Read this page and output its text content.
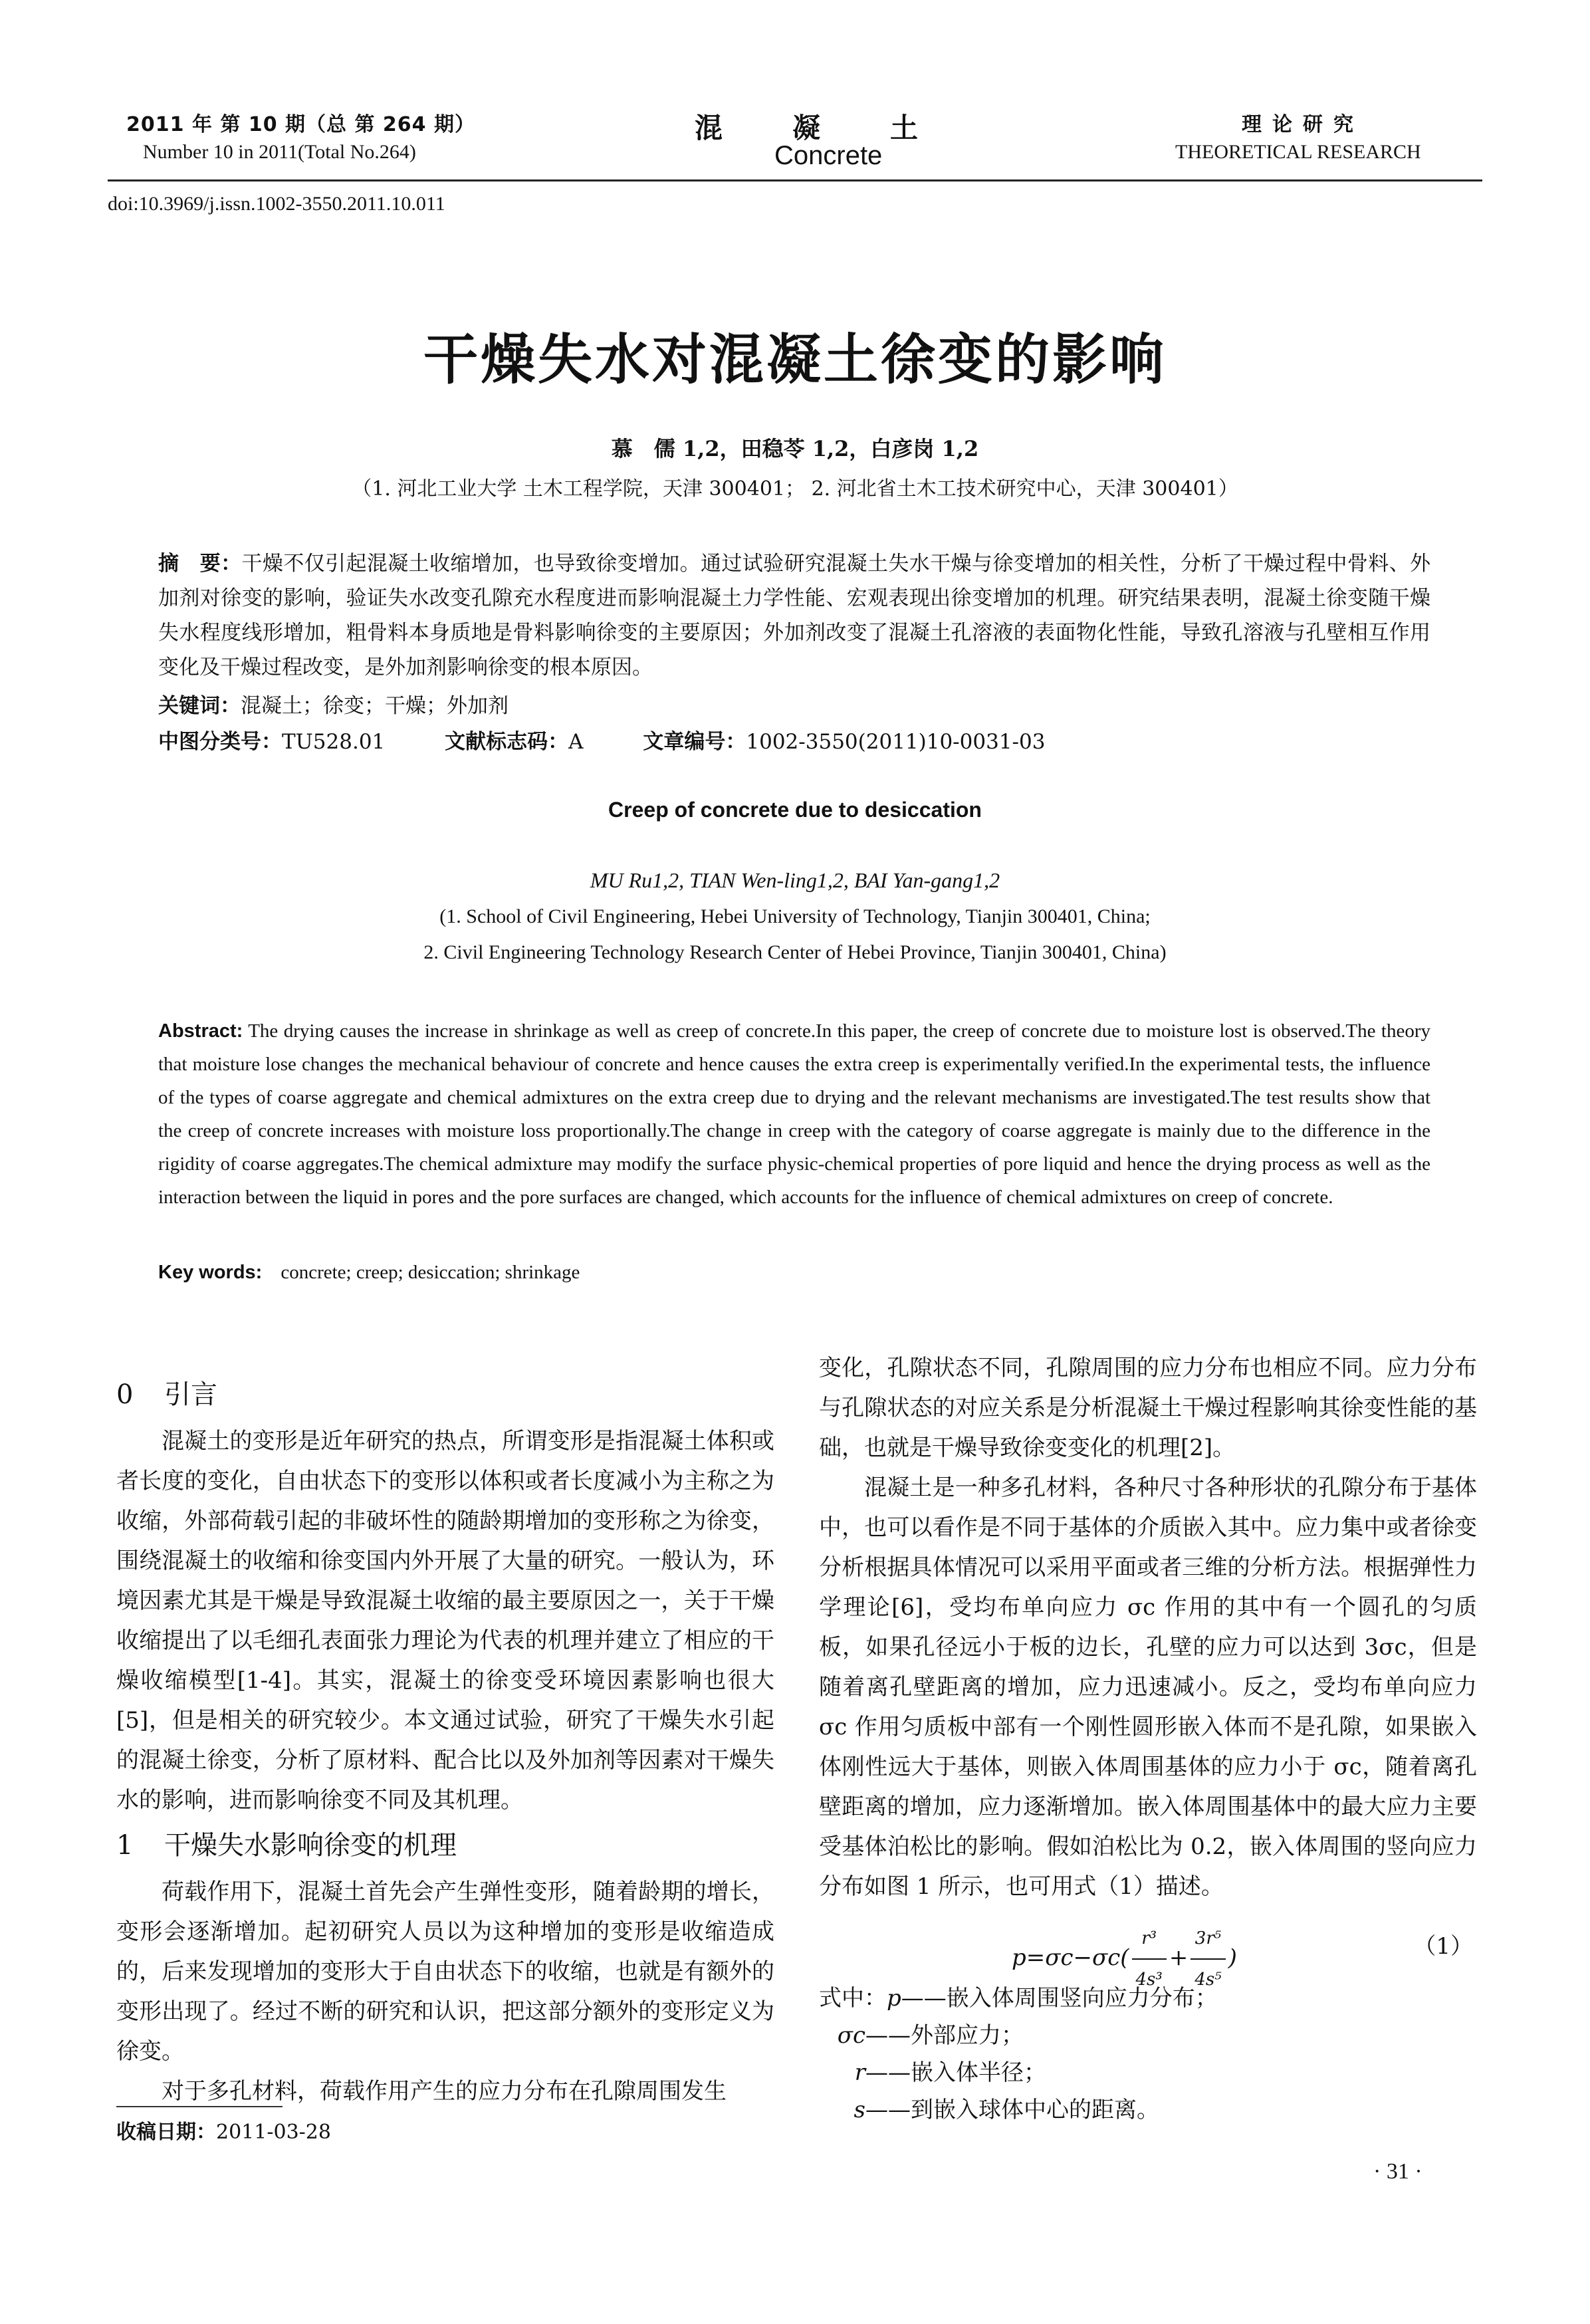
2011 年 第 10 期（总 第 264 期）
Number 10 in 2011(Total No.264)
混凝土
Concrete
理论研究
THEORETICAL RESEARCH
doi:10.3969/j.issn.1002-3550.2011.10.011
干燥失水对混凝土徐变的影响
慕　儒 1,2，田稳苓 1,2，白彦岗 1,2
（1. 河北工业大学 土木工程学院，天津 300401； 2. 河北省土木工技术研究中心，天津 300401）
摘　要：干燥不仅引起混凝土收缩增加，也导致徐变增加。通过试验研究混凝土失水干燥与徐变增加的相关性，分析了干燥过程中骨料、外加剂对徐变的影响，验证失水改变孔隙充水程度进而影响混凝土力学性能、宏观表现出徐变增加的机理。研究结果表明，混凝土徐变随干燥失水程度线形增加，粗骨料本身质地是骨料影响徐变的主要原因；外加剂改变了混凝土孔溶液的表面物化性能，导致孔溶液与孔壁相互作用变化及干燥过程改变，是外加剂影响徐变的根本原因。
关键词：混凝土；徐变；干燥；外加剂
中图分类号：TU528.01	文献标志码：A	文章编号：1002-3550(2011)10-0031-03
Creep of concrete due to desiccation
MU Ru1,2, TIAN Wen-ling1,2, BAI Yan-gang1,2
(1. School of Civil Engineering, Hebei University of Technology, Tianjin 300401, China;
2. Civil Engineering Technology Research Center of Hebei Province, Tianjin 300401, China)
Abstract: The drying causes the increase in shrinkage as well as creep of concrete.In this paper, the creep of concrete due to moisture lost is observed.The theory that moisture lose changes the mechanical behaviour of concrete and hence causes the extra creep is experimentally verified.In the experimental tests, the influence of the types of coarse aggregate and chemical admixtures on the extra creep due to drying and the relevant mechanisms are investigated.The test results show that the creep of concrete increases with moisture loss proportionally.The change in creep with the category of coarse aggregate is mainly due to the difference in the rigidity of coarse aggregates.The chemical admixture may modify the surface physic-chemical properties of pore liquid and hence the drying process as well as the interaction between the liquid in pores and the pore surfaces are changed, which accounts for the influence of chemical admixtures on creep of concrete.
Key words: concrete; creep; desiccation; shrinkage
0 引言

混凝土的变形是近年研究的热点，所谓变形是指混凝土体积或者长度的变化，自由状态下的变形以体积或者长度减小为主称之为收缩，外部荷载引起的非破坏性的随龄期增加的变形称之为徐变，围绕混凝土的收缩和徐变国内外开展了大量的研究。一般认为，环境因素尤其是干燥是导致混凝土收缩的最主要原因之一，关于干燥收缩提出了以毛细孔表面张力理论为代表的机理并建立了相应的干燥收缩模型[1-4]。其实，混凝土的徐变受环境因素影响也很大[5]，但是相关的研究较少。本文通过试验，研究了干燥失水引起的混凝土徐变，分析了原材料、配合比以及外加剂等因素对干燥失水的影响，进而影响徐变不同及其机理。

1 干燥失水影响徐变的机理

荷载作用下，混凝土首先会产生弹性变形，随着龄期的增长，变形会逐渐增加。起初研究人员以为这种增加的变形是收缩造成的，后来发现增加的变形大于自由状态下的收缩，也就是有额外的变形出现了。经过不断的研究和认识，把这部分额外的变形定义为徐变。

对于多孔材料，荷载作用产生的应力分布在孔隙周围发生

变化，孔隙状态不同，孔隙周围的应力分布也相应不同。应力分布与孔隙状态的对应关系是分析混凝土干燥过程影响其徐变性能的基础，也就是干燥导致徐变变化的机理[2]。

混凝土是一种多孔材料，各种尺寸各种形状的孔隙分布于基体中，也可以看作是不同于基体的介质嵌入其中。应力集中或者徐变分析根据具体情况可以采用平面或者三维的分析方法。根据弹性力学理论[6]，受均布单向应力 σc 作用的其中有一个圆孔的匀质板，如果孔径远小于板的边长，孔壁的应力可以达到 3σc，但是随着离孔壁距离的增加，应力迅速减小。反之，受均布单向应力 σc 作用匀质板中部有一个刚性圆形嵌入体而不是孔隙，如果嵌入体刚性远大于基体，则嵌入体周围基体的应力小于 σc，随着离孔壁距离的增加，应力逐渐增加。嵌入体周围基体中的最大应力主要受基体泊松比的影响。假如泊松比为 0.2，嵌入体周围的竖向应力分布如图 1 所示，也可用式（1）描述。

$p=\sigma c-\sigma c( \frac{\text{r³}}{\text{4s³}} + \frac{\text{3r⁵}}{\text{4s⁵}}$ )	（1）
式中：p——嵌入体周围竖向应力分布；
σc——外部应力；
r——嵌入体半径；
s——到嵌入球体中心的距离。
收稿日期：2011-03-28
· 31 ·
